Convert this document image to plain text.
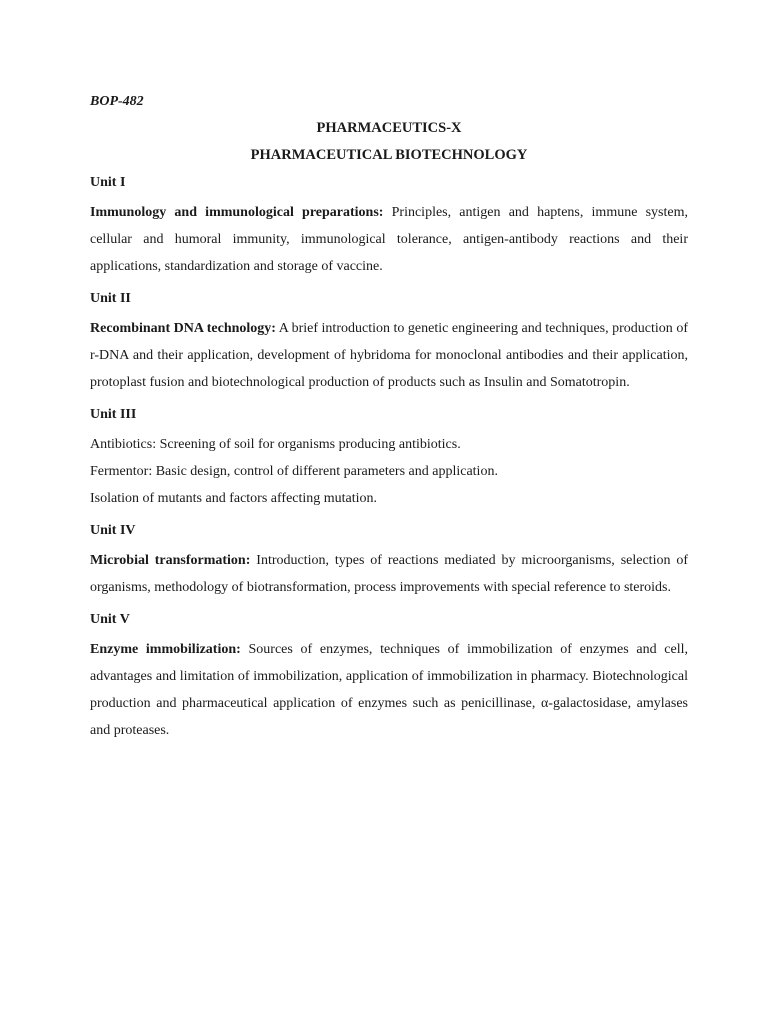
BOP-482

PHARMACEUTICS-X

PHARMACEUTICAL BIOTECHNOLOGY

Unit I

Immunology and immunological preparations: Principles, antigen and haptens, immune system, cellular and humoral immunity, immunological tolerance, antigen-antibody reactions and their applications, standardization and storage of vaccine.

Unit II

Recombinant DNA technology: A brief introduction to genetic engineering and techniques, production of r-DNA and their application, development of hybridoma for monoclonal antibodies and their application, protoplast fusion and biotechnological production of products such as Insulin and Somatotropin.

Unit III

Antibiotics: Screening of soil for organisms producing antibiotics.

Fermentor: Basic design, control of different parameters and application.

Isolation of mutants and factors affecting mutation.

Unit IV

Microbial transformation: Introduction, types of reactions mediated by microorganisms, selection of organisms, methodology of biotransformation, process improvements with special reference to steroids.

Unit V

Enzyme immobilization: Sources of enzymes, techniques of immobilization of enzymes and cell, advantages and limitation of immobilization, application of immobilization in pharmacy. Biotechnological production and pharmaceutical application of enzymes such as penicillinase, α-galactosidase, amylases and proteases.
